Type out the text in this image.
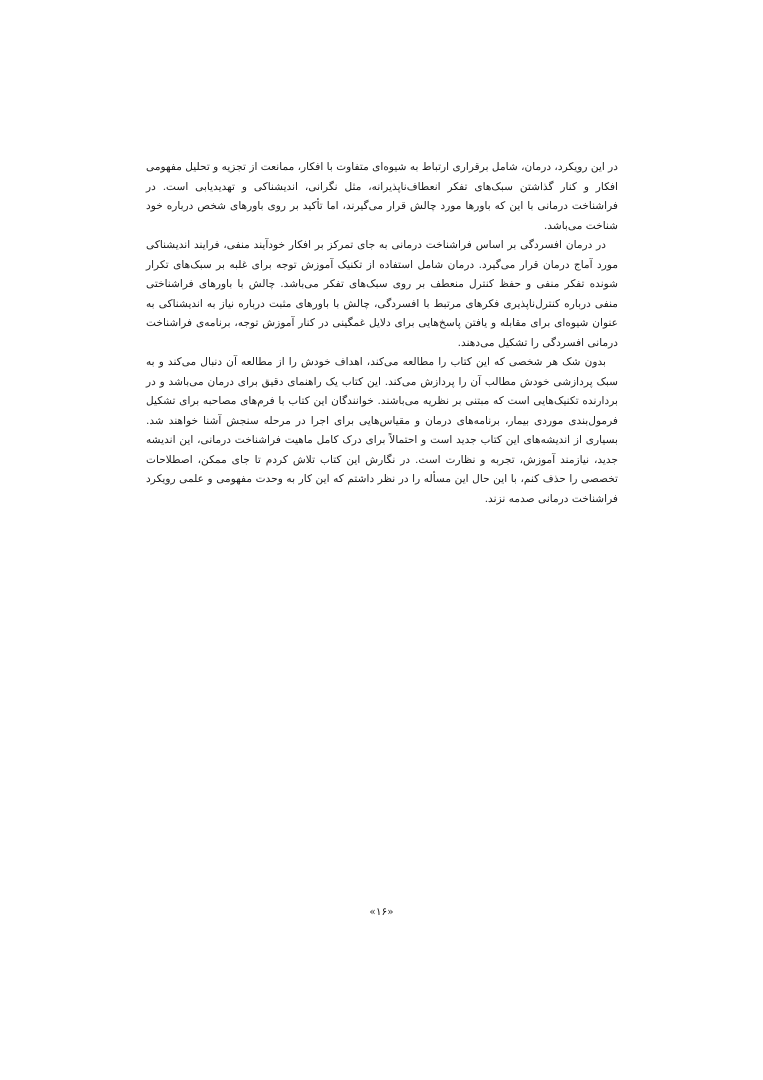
در این رویکرد، درمان، شامل برقراری ارتباط به شیوه‌ای متفاوت با افکار، ممانعت از تجزیه و تحلیل مفهومی افکار و کنار گذاشتن سبک‌های تفکر انعطاف‌ناپذیرانه، مثل نگرانی، اندیشناکی و تهدیدیابی است. در فراشناخت درمانی با این که باورها مورد چالش قرار می‌گیرند، اما تأکید بر روی باورهای شخص درباره خود شناخت می‌باشد.

در درمان افسردگی بر اساس فراشناخت درمانی به جای تمرکز بر افکار خودآیند منفی، فرایند اندیشناکی مورد آماج درمان قرار می‌گیرد. درمان شامل استفاده از تکنیک آموزش توجه برای غلبه بر سبک‌های تکرار شونده تفکر منفی و حفظ کنترل منعطف بر روی سبک‌های تفکر می‌باشد. چالش با باورهای فراشناختی منفی درباره کنترل‌ناپذیری فکرهای مرتبط با افسردگی، چالش با باورهای مثبت درباره نیاز به اندیشناکی به عنوان شیوه‌ای برای مقابله و یافتن پاسخ‌هایی برای دلایل غمگینی در کنار آموزش توجه، برنامه‌ی فراشناخت درمانی افسردگی را تشکیل می‌دهند.

بدون شک هر شخصی که این کتاب را مطالعه می‌کند، اهداف خودش را از مطالعه آن دنبال می‌کند و به سبک پردازشی خودش مطالب آن را پردازش می‌کند. این کتاب یک راهنمای دقیق برای درمان می‌باشد و در بردارنده تکنیک‌هایی است که مبتنی بر نظریه می‌باشند. خوانندگان این کتاب با فرم‌های مصاحبه برای تشکیل فرمول‌بندی موردی بیمار، برنامه‌های درمان و مقیاس‌هایی برای اجرا در مرحله سنجش آشنا خواهند شد. بسیاری از اندیشه‌های این کتاب جدید است و احتمالاً برای درک کامل ماهیت فراشناخت درمانی، این اندیشه جدید، نیازمند آموزش، تجربه و نظارت است. در نگارش این کتاب تلاش کردم تا جای ممکن، اصطلاحات تخصصی را حذف کنم، با این حال این مسأله را در نظر داشتم که این کار به وحدت مفهومی و علمی رویکرد فراشناخت درمانی صدمه نزند.

«۱۶»
